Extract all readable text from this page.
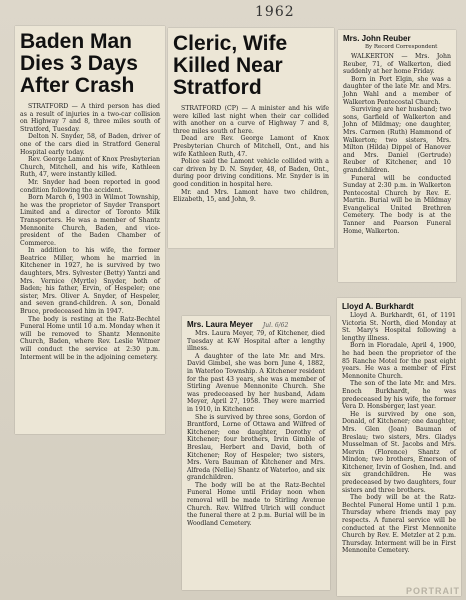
1962
Baden Man Dies 3 Days After Crash

STRATFORD — A third person has died as a result of injuries in a two-car collision on Highway 7 and 8, three miles south of Stratford, Tuesday.

Delton N. Snyder, 58, of Baden, driver of one of the cars died in Stratford General Hospital early today.

Rev. George Lamont of Knox Presbyterian Church, Mitchell, and his wife, Kathleen Ruth, 47, were instantly killed.

Mr. Snyder had been reported in good condition following the accident.

Born March 6, 1903 in Wilmot Township, he was the proprietor of Snyder Transport Limited and a director of Toronto Milk Transporters. He was a member of Shantz Mennonite Church, Baden, and vice-president of the Baden Chamber of Commerce.

In addition to his wife, the former Beatrice Miller, whom he married in Kitchener in 1927, he is survived by two daughters, Mrs. Sylvester (Betty) Yantzi and Mrs. Vernice (Myrtle) Snyder, both of Baden; his father, Ervin, of Hespeler; one sister, Mrs. Oliver A. Snyder, of Hespeler, and seven grand-children. A son, Donald Bruce, predeceased him in 1947.

The body is resting at the Ratz-Bechtel Funeral Home until 10 a.m. Monday when it will be removed to Shantz Mennonite Church, Baden, where Rev. Leslie Witmer will conduct the service at 2:30 p.m. Interment will be in the adjoining cemetery.

Cleric, Wife Killed Near Stratford

STRATFORD (CP) — A minister and his wife were killed last night when their car collided with another on a curve of Highway 7 and 8, three miles south of here.

Dead are Rev. George Lamont of Knox Presbyterian Church of Mitchell, Ont., and his wife Kathleen Ruth, 47.

Police said the Lamont vehicle collided with a car driven by D. N. Snyder, 48, of Baden, Ont., during poor driving conditions. Mr. Snyder is in good condition in hospital here.

Mr. and Mrs. Lamont have two children, Elizabeth, 15, and John, 9.

Mrs. John Reuber
By Record Correspondent

WALKERTON — Mrs. John Reuber, 71, of Walkerton, died suddenly at her home Friday.

Born in Port Elgin, she was a daughter of the late Mr. and Mrs. John Wahl and a member of Walkerton Pentecostal Church.

Surviving are her husband; two sons, Garfield of Walkerton and John of Mildmay; one daughter, Mrs. Carmen (Ruth) Hammond of Walkerton; two sisters, Mrs. Milton (Hilda) Dippel of Hanover and Mrs. Daniel (Gertrude) Reuber of Kitchener, and 10 grandchildren.

Funeral will be conducted Sunday at 2:30 p.m. in Walkerton Pentecostal Church by Rev. E. Martin. Burial will be in Mildmay Evangelical United Brethren Cemetery. The body is at the Tanner and Pearson Funeral Home, Walkerton.

Mrs. Laura Meyer Jul. 6/62

Mrs. Laura Meyer, 79, of Kitchener, died Tuesday at K-W Hospital after a lengthy illness.

A daughter of the late Mr. and Mrs. David Gimbel, she was born June 4, 1882, in Waterloo Township. A Kitchener resident for the past 43 years, she was a member of Stirling Avenue Mennonite Church. She was predeceased by her husband, Adam Meyer, April 27, 1958. They were married in 1910, in Kitchener.

She is survived by three sons, Gordon of Brantford, Lorne of Ottawa and Wilfred of Kitchener; one daughter, Dorothy of Kitchener; four brothers, Irvin Gimble of Breslau, Herbert and David, both of Kitchener; Roy of Hespeler; two sisters, Mrs. Vera Bauman of Kitchener and Mrs. Alfreda (Nellie) Shantz of Waterloo, and six grandchildren.

The body will be at the Ratz-Bechtel Funeral Home until Friday noon when removal will be made to Stirling Avenue Church. Rev. Wilfred Ulrich will conduct the funeral there at 2 p.m. Burial will be in Woodland Cemetery.

Lloyd A. Burkhardt

Lloyd A. Burkhardt, 61, of 1191 Victoria St. North, died Monday at St. Mary's Hospital following a lengthy illness.

Born in Floradale, April 4, 1900, he had been the proprietor of the 85 Ranche Motel for the past eight years. He was a member of First Mennonite Church.

The son of the late Mr. and Mrs. Enoch Burkhardt, he was predeceased by his wife, the former Vera D. Honsberger, last year.

He is survived by one son, Donald, of Kitchener; one daughter, Mrs. Glen (Joan) Bauman of Breslau; two sisters, Mrs. Gladys Musselman of St. Jacobs and Mrs. Mervin (Florence) Shantz of Mindon; two brothers, Emerson of Kitchener, Irvin of Goshen, Ind. and six grandchildren. He was predeceased by two daughters, four sisters and three brothers.

The body will be at the Ratz-Bechtel Funeral Home until 1 p.m. Thursday where friends may pay respects. A funeral service will be conducted at the First Mennonite Church by Rev. E. Metzler at 2 p.m. Thursday. Interment will be in First Mennonite Cemetery.

PORTRAIT
